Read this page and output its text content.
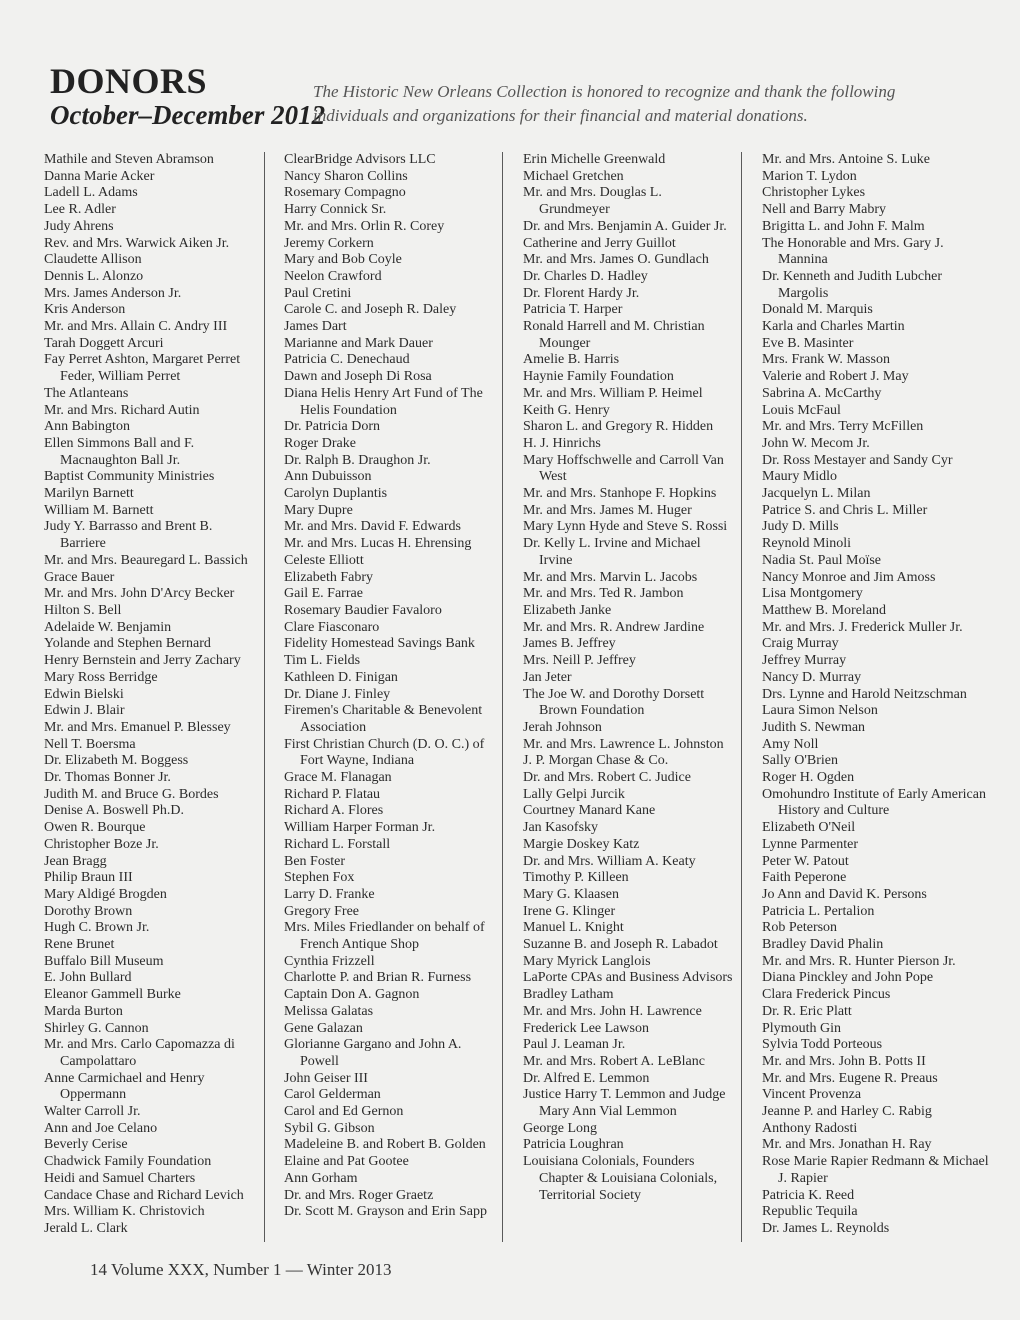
DONORS
October–December 2012

The Historic New Orleans Collection is honored to recognize and thank the following individuals and organizations for their financial and material donations.

Mathile and Steven Abramson
Danna Marie Acker
Ladell L. Adams
Lee R. Adler
Judy Ahrens
Rev. and Mrs. Warwick Aiken Jr.
Claudette Allison
Dennis L. Alonzo
Mrs. James Anderson Jr.
Kris Anderson
Mr. and Mrs. Allain C. Andry III
Tarah Doggett Arcuri
Fay Perret Ashton, Margaret Perret Feder, William Perret
The Atlanteans
Mr. and Mrs. Richard Autin
Ann Babington
Ellen Simmons Ball and F. Macnaughton Ball Jr.
Baptist Community Ministries
Marilyn Barnett
William M. Barnett
Judy Y. Barrasso and Brent B. Barriere
Mr. and Mrs. Beauregard L. Bassich
Grace Bauer
Mr. and Mrs. John D'Arcy Becker
Hilton S. Bell
Adelaide W. Benjamin
Yolande and Stephen Bernard
Henry Bernstein and Jerry Zachary
Mary Ross Berridge
Edwin Bielski
Edwin J. Blair
Mr. and Mrs. Emanuel P. Blessey
Nell T. Boersma
Dr. Elizabeth M. Boggess
Dr. Thomas Bonner Jr.
Judith M. and Bruce G. Bordes
Denise A. Boswell Ph.D.
Owen R. Bourque
Christopher Boze Jr.
Jean Bragg
Philip Braun III
Mary Aldigé Brogden
Dorothy Brown
Hugh C. Brown Jr.
Rene Brunet
Buffalo Bill Museum
E. John Bullard
Eleanor Gammell Burke
Marda Burton
Shirley G. Cannon
Mr. and Mrs. Carlo Capomazza di Campolattaro
Anne Carmichael and Henry Oppermann
Walter Carroll Jr.
Ann and Joe Celano
Beverly Cerise
Chadwick Family Foundation
Heidi and Samuel Charters
Candace Chase and Richard Levich
Mrs. William K. Christovich
Jerald L. Clark
ClearBridge Advisors LLC
Nancy Sharon Collins
Rosemary Compagno
Harry Connick Sr.
Mr. and Mrs. Orlin R. Corey
Jeremy Corkern
Mary and Bob Coyle
Neelon Crawford
Paul Cretini
Carole C. and Joseph R. Daley
James Dart
Marianne and Mark Dauer
Patricia C. Denechaud
Dawn and Joseph Di Rosa
Diana Helis Henry Art Fund of The Helis Foundation
Dr. Patricia Dorn
Roger Drake
Dr. Ralph B. Draughon Jr.
Ann Dubuisson
Carolyn Duplantis
Mary Dupre
Mr. and Mrs. David F. Edwards
Mr. and Mrs. Lucas H. Ehrensing
Celeste Elliott
Elizabeth Fabry
Gail E. Farrae
Rosemary Baudier Favaloro
Clare Fiasconaro
Fidelity Homestead Savings Bank
Tim L. Fields
Kathleen D. Finigan
Dr. Diane J. Finley
Firemen's Charitable & Benevolent Association
First Christian Church (D. O. C.) of Fort Wayne, Indiana
Grace M. Flanagan
Richard P. Flatau
Richard A. Flores
William Harper Forman Jr.
Richard L. Forstall
Ben Foster
Stephen Fox
Larry D. Franke
Gregory Free
Mrs. Miles Friedlander on behalf of French Antique Shop
Cynthia Frizzell
Charlotte P. and Brian R. Furness
Captain Don A. Gagnon
Melissa Galatas
Gene Galazan
Glorianne Gargano and John A. Powell
John Geiser III
Carol Gelderman
Carol and Ed Gernon
Sybil G. Gibson
Madeleine B. and Robert B. Golden
Elaine and Pat Gootee
Ann Gorham
Dr. and Mrs. Roger Graetz
Dr. Scott M. Grayson and Erin Sapp
Erin Michelle Greenwald
Michael Gretchen
Mr. and Mrs. Douglas L. Grundmeyer
Dr. and Mrs. Benjamin A. Guider Jr.
Catherine and Jerry Guillot
Mr. and Mrs. James O. Gundlach
Dr. Charles D. Hadley
Dr. Florent Hardy Jr.
Patricia T. Harper
Ronald Harrell and M. Christian Mounger
Amelie B. Harris
Haynie Family Foundation
Mr. and Mrs. William P. Heimel
Keith G. Henry
Sharon L. and Gregory R. Hidden
H. J. Hinrichs
Mary Hoffschwelle and Carroll Van West
Mr. and Mrs. Stanhope F. Hopkins
Mr. and Mrs. James M. Huger
Mary Lynn Hyde and Steve S. Rossi
Dr. Kelly L. Irvine and Michael Irvine
Mr. and Mrs. Marvin L. Jacobs
Mr. and Mrs. Ted R. Jambon
Elizabeth Janke
Mr. and Mrs. R. Andrew Jardine
James B. Jeffrey
Mrs. Neill P. Jeffrey
Jan Jeter
The Joe W. and Dorothy Dorsett Brown Foundation
Jerah Johnson
Mr. and Mrs. Lawrence L. Johnston
J. P. Morgan Chase & Co.
Dr. and Mrs. Robert C. Judice
Lally Gelpi Jurcik
Courtney Manard Kane
Jan Kasofsky
Margie Doskey Katz
Dr. and Mrs. William A. Keaty
Timothy P. Killeen
Mary G. Klaasen
Irene G. Klinger
Manuel L. Knight
Suzanne B. and Joseph R. Labadot
Mary Myrick Langlois
LaPorte CPAs and Business Advisors
Bradley Latham
Mr. and Mrs. John H. Lawrence
Frederick Lee Lawson
Paul J. Leaman Jr.
Mr. and Mrs. Robert A. LeBlanc
Dr. Alfred E. Lemmon
Justice Harry T. Lemmon and Judge Mary Ann Vial Lemmon
George Long
Patricia Loughran
Louisiana Colonials, Founders Chapter & Louisiana Colonials, Territorial Society
Mr. and Mrs. Antoine S. Luke
Marion T. Lydon
Christopher Lykes
Nell and Barry Mabry
Brigitta L. and John F. Malm
The Honorable and Mrs. Gary J. Mannina
Dr. Kenneth and Judith Lubcher Margolis
Donald M. Marquis
Karla and Charles Martin
Eve B. Masinter
Mrs. Frank W. Masson
Valerie and Robert J. May
Sabrina A. McCarthy
Louis McFaul
Mr. and Mrs. Terry McFillen
John W. Mecom Jr.
Dr. Ross Mestayer and Sandy Cyr
Maury Midlo
Jacquelyn L. Milan
Patrice S. and Chris L. Miller
Judy D. Mills
Reynold Minoli
Nadia St. Paul Moïse
Nancy Monroe and Jim Amoss
Lisa Montgomery
Matthew B. Moreland
Mr. and Mrs. J. Frederick Muller Jr.
Craig Murray
Jeffrey Murray
Nancy D. Murray
Drs. Lynne and Harold Neitzschman
Laura Simon Nelson
Judith S. Newman
Amy Noll
Sally O'Brien
Roger H. Ogden
Omohundro Institute of Early American History and Culture
Elizabeth O'Neil
Lynne Parmenter
Peter W. Patout
Faith Peperone
Jo Ann and David K. Persons
Patricia L. Pertalion
Rob Peterson
Bradley David Phalin
Mr. and Mrs. R. Hunter Pierson Jr.
Diana Pinckley and John Pope
Clara Frederick Pincus
Dr. R. Eric Platt
Plymouth Gin
Sylvia Todd Porteous
Mr. and Mrs. John B. Potts II
Mr. and Mrs. Eugene R. Preaus
Vincent Provenza
Jeanne P. and Harley C. Rabig
Anthony Radosti
Mr. and Mrs. Jonathan H. Ray
Rose Marie Rapier Redmann & Michael J. Rapier
Patricia K. Reed
Republic Tequila
Dr. James L. Reynolds

14 Volume XXX, Number 1 — Winter 2013
